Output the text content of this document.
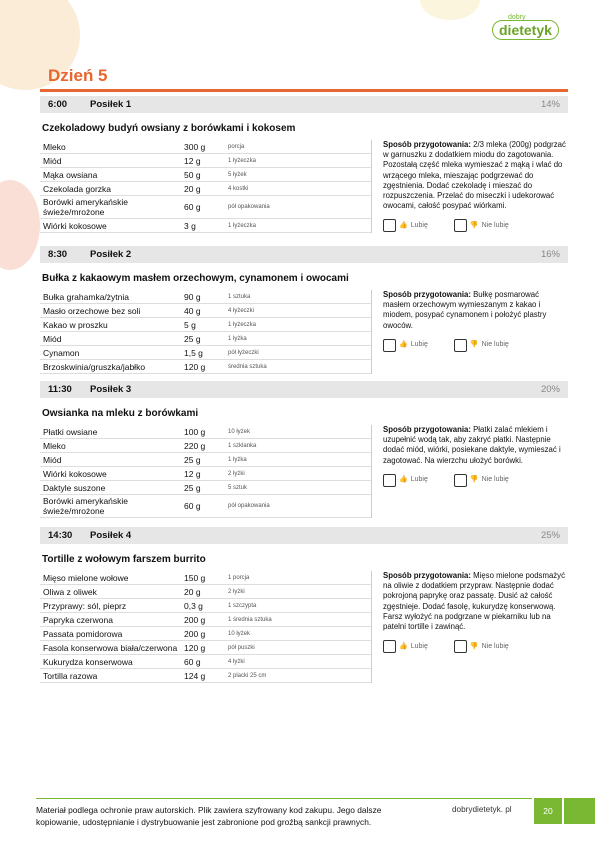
dobry
dietetyk
Dzień 5
6:00 Posiłek 1	14%
Czekoladowy budyń owsiany z borówkami i kokosem
Mleko	300 g	porcja
Miód	12 g	1 łyżeczka
Mąka owsiana	50 g	5 łyżek
Czekolada gorzka	20 g	4 kostki
Borówki amerykańskie świeże/mrożone	60 g	pół opakowania
Wiórki kokosowe	3 g	1 łyżeczka
Sposób przygotowania: 2/3 mleka (200g) podgrzać w garnuszku z dodatkiem miodu do zagotowania. Pozostałą część mleka wymieszać z mąką i wlać do wrzącego mleka, mieszając podgrzewać do zgęstnienia. Dodać czekoladę i mieszać do rozpuszczenia. Przelać do miseczki i udekorować owocami, całość posypać wiórkami.
👍 Lubię	👎 Nie lubię
8:30 Posiłek 2	16%
Bułka z kakaowym masłem orzechowym, cynamonem i owocami
Bułka grahamka/żytnia	90 g	1 sztuka
Masło orzechowe bez soli	40 g	4 łyżeczki
Kakao w proszku	5 g	1 łyżeczka
Miód	25 g	1 łyżka
Cynamon	1,5 g	pół łyżeczki
Brzoskwinia/gruszka/jabłko	120 g	średnia sztuka
Sposób przygotowania: Bułkę posmarować masłem orzechowym wymieszanym z kakao i miodem, posypać cynamonem i położyć plastry owoców.
👍 Lubię	👎 Nie lubię
11:30 Posiłek 3	20%
Owsianka na mleku z borówkami
Płatki owsiane	100 g	10 łyżek
Mleko	220 g	1 szklanka
Miód	25 g	1 łyżka
Wiórki kokosowe	12 g	2 łyżki
Daktyle suszone	25 g	5 sztuk
Borówki amerykańskie świeże/mrożone	60 g	pół opakowania
Sposób przygotowania: Płatki zalać mlekiem i uzupełnić wodą tak, aby zakryć płatki. Następnie dodać miód, wiórki, posiekane daktyle, wymieszać i zagotować. Na wierzchu ułożyć borówki.
👍 Lubię	👎 Nie lubię
14:30 Posiłek 4	25%
Tortille z wołowym farszem burrito
Mięso mielone wołowe	150 g	1 porcja
Oliwa z oliwek	20 g	2 łyżki
Przyprawy: sól, pieprz	0,3 g	1 szczypta
Papryka czerwona	200 g	1 średnia sztuka
Passata pomidorowa	200 g	10 łyżek
Fasola konserwowa biała/czerwona 120 g	pół puszki
Kukurydza konserwowa	60 g	4 łyżki
Tortilla razowa	124 g	2 placki 25 cm
Sposób przygotowania: Mięso mielone podsmażyć na oliwie z dodatkiem przypraw. Następnie dodać pokrojoną paprykę oraz passatę. Dusić aż całość zgęstnieje. Dodać fasolę, kukurydzę konserwową. Farsz wyłożyć na podgrzane w piekarniku lub na patelni tortille i zawinąć.
👍 Lubię	👎 Nie lubię
Materiał podlega ochronie praw autorskich. Plik zawiera szyfrowany kod zakupu. Jego dalsze kopiowanie, udostępnianie i dystrybuowanie jest zabronione pod groźbą sankcji prawnych.
dobrydietetyk. pl	20
